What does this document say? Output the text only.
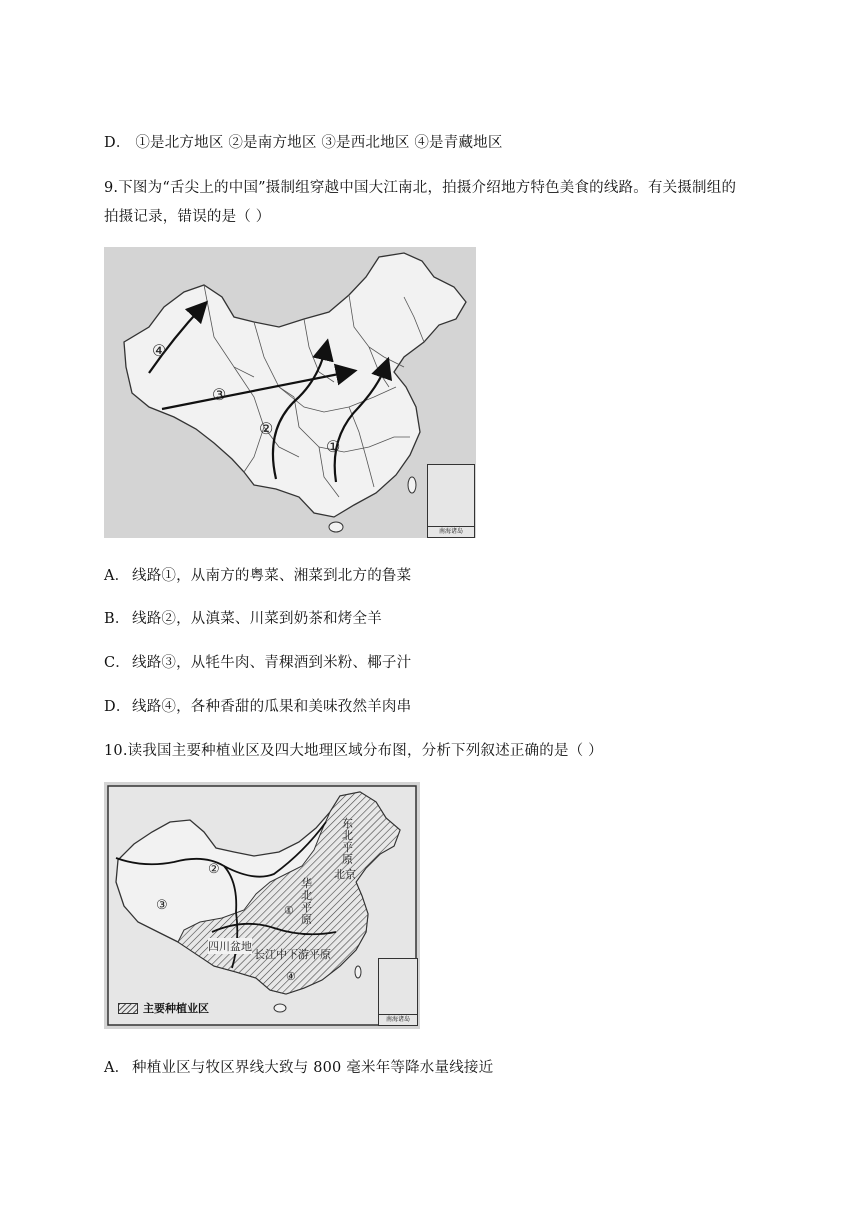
D． ①是北方地区 ②是南方地区 ③是西北地区 ④是青藏地区
9.下图为“舌尖上的中国”摄制组穿越中国大江南北，拍摄介绍地方特色美食的线路。有关摄制组的
拍摄记录，错误的是（ ）
①
②
③
④
南海诸岛
A． 线路①，从南方的粤菜、湘菜到北方的鲁菜
B． 线路②，从滇菜、川菜到奶茶和烤全羊
C． 线路③，从牦牛肉、青稞酒到米粉、椰子汁
D．线路④，各种香甜的瓜果和美味孜然羊肉串
10.读我国主要种植业区及四大地理区域分布图，分析下列叙述正确的是（ ）
①
②
③
④
东北平原
华北平原
北京
四川盆地
长江中下游平原
主要种植业区
南海诸岛
A． 种植业区与牧区界线大致与 800 毫米年等降水量线接近
